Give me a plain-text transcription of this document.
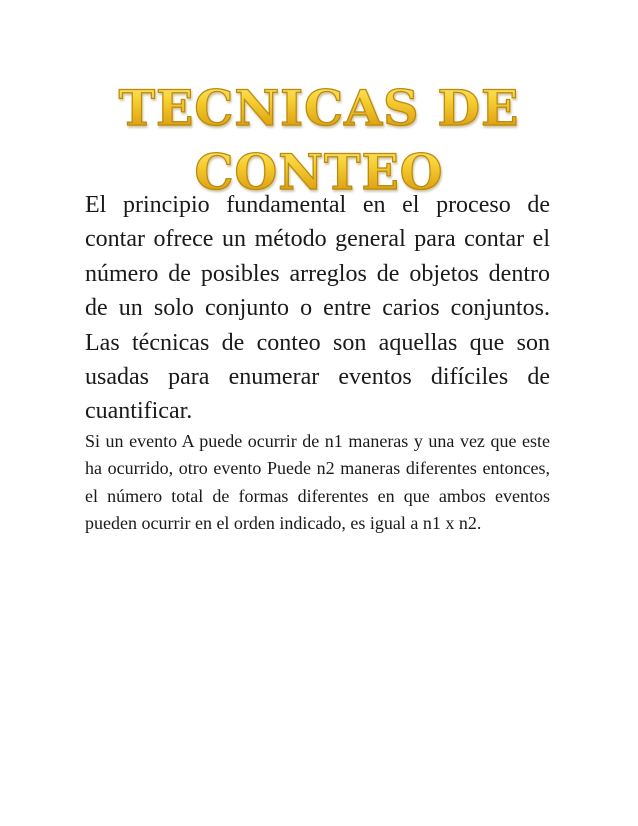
TECNICAS DE
CONTEO

El principio fundamental en el proceso de contar ofrece un método general para contar el número de posibles arreglos de objetos dentro de un solo conjunto o entre carios conjuntos. Las técnicas de conteo son aquellas que son usadas para enumerar eventos difíciles de cuantificar.

Si un evento A puede ocurrir de n1 maneras y una vez que este ha ocurrido, otro evento Puede n2 maneras diferentes entonces, el número total de formas diferentes en que ambos eventos pueden ocurrir en el orden indicado, es igual a n1 x n2.
